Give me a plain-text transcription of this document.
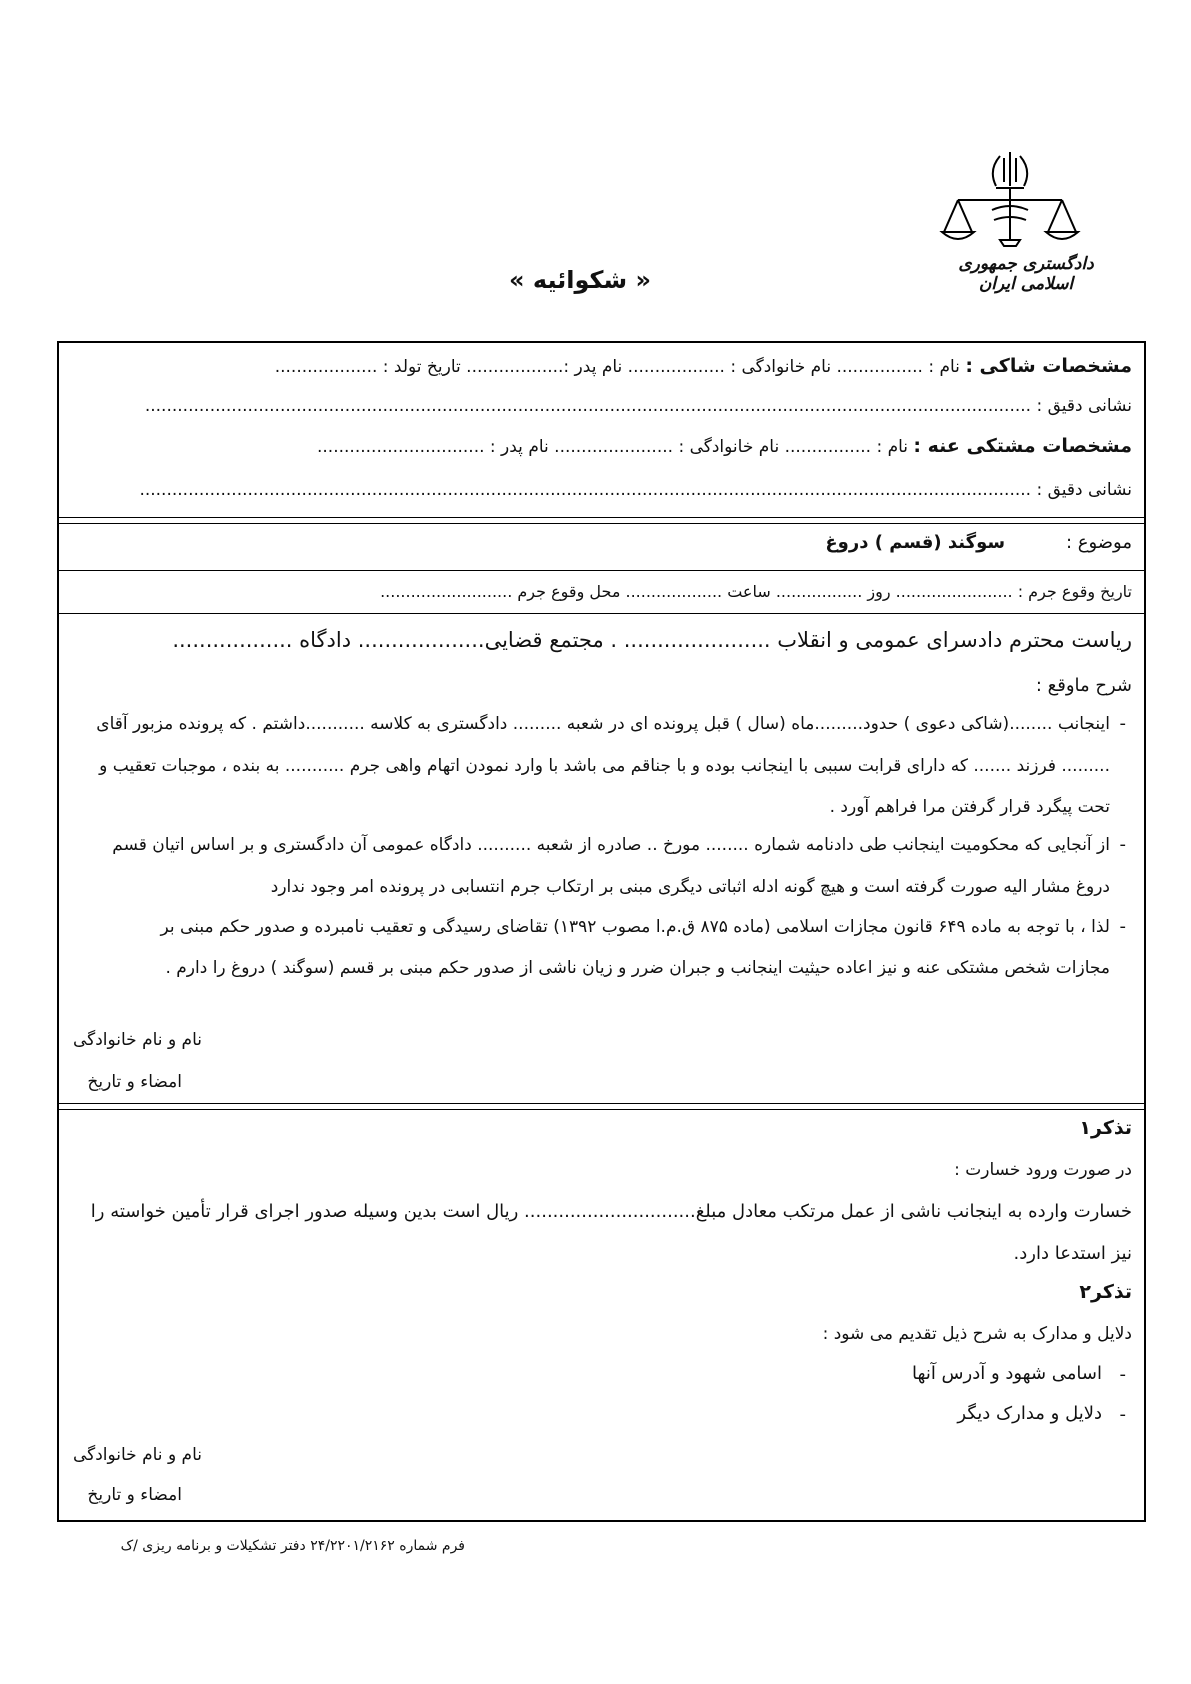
دادگستری جمهوری اسلامی ایران
« شکوائیه »
مشخصات شاکی : نام : ................ نام خانوادگی : .................. نام پدر :.................. تاریخ تولد : ...................
نشانی دقیق : ....................................................................................................................................................................
مشخصات مشتکی عنه : نام : ................ نام خانوادگی : ...................... نام پدر : ...............................
نشانی دقیق : .....................................................................................................................................................................
موضوع :  سوگند (قسم ) دروغ
تاریخ وقوع جرم : ....................... روز ................. ساعت ................... محل وقوع جرم ..........................
ریاست محترم دادسرای عمومی و انقلاب ...................... . مجتمع قضایی................... دادگاه ..................
شرح ماوقع :
-
اینجانب ........(شاکی دعوی ) حدود.........ماه (سال ) قبل پرونده ای در شعبه ......... دادگستری به کلاسه ...........داشتم . که پرونده مزبور آقای
......... فرزند ....... که دارای قرابت سببی با اینجانب بوده و با جناقم می باشد با وارد نمودن اتهام واهی جرم ........... به بنده ، موجبات تعقیب و
تحت پیگرد قرار گرفتن مرا فراهم آورد .
-
از آنجایی که محکومیت اینجانب طی دادنامه شماره ........ مورخ .. صادره از شعبه .......... دادگاه عمومی آن دادگستری و بر اساس اتیان قسم
دروغ مشار الیه صورت گرفته است و هیچ گونه ادله اثباتی دیگری مبنی بر ارتکاب جرم انتسابی در پرونده امر وجود ندارد
-
لذا ، با توجه به ماده ۶۴۹ قانون مجازات اسلامی (ماده ۸۷۵ ق.م.ا مصوب ۱۳۹۲) تقاضای رسیدگی و تعقیب نامبرده و صدور حکم مبنی بر
مجازات شخص مشتکی عنه و نیز اعاده حیثیت اینجانب و جبران ضرر و زیان ناشی از صدور حکم مبنی بر قسم (سوگند ) دروغ را دارم .
نام و نام خانوادگی
امضاء و تاریخ
تذکر۱
در صورت ورود خسارت :
خسارت وارده به اینجانب ناشی از عمل مرتکب معادل مبلغ.............................. ریال است بدین وسیله صدور اجرای قرار تأمین خواسته را
نیز استدعا دارد.
تذکر۲
دلایل و مدارک به شرح ذیل تقدیم می شود :
-
اسامی شهود و آدرس آنها
-
دلایل و مدارک دیگر
نام و نام خانوادگی
امضاء و تاریخ
فرم شماره ۲۴/۲۲۰۱/۲۱۶۲ دفتر تشکیلات و برنامه ریزی /ک
